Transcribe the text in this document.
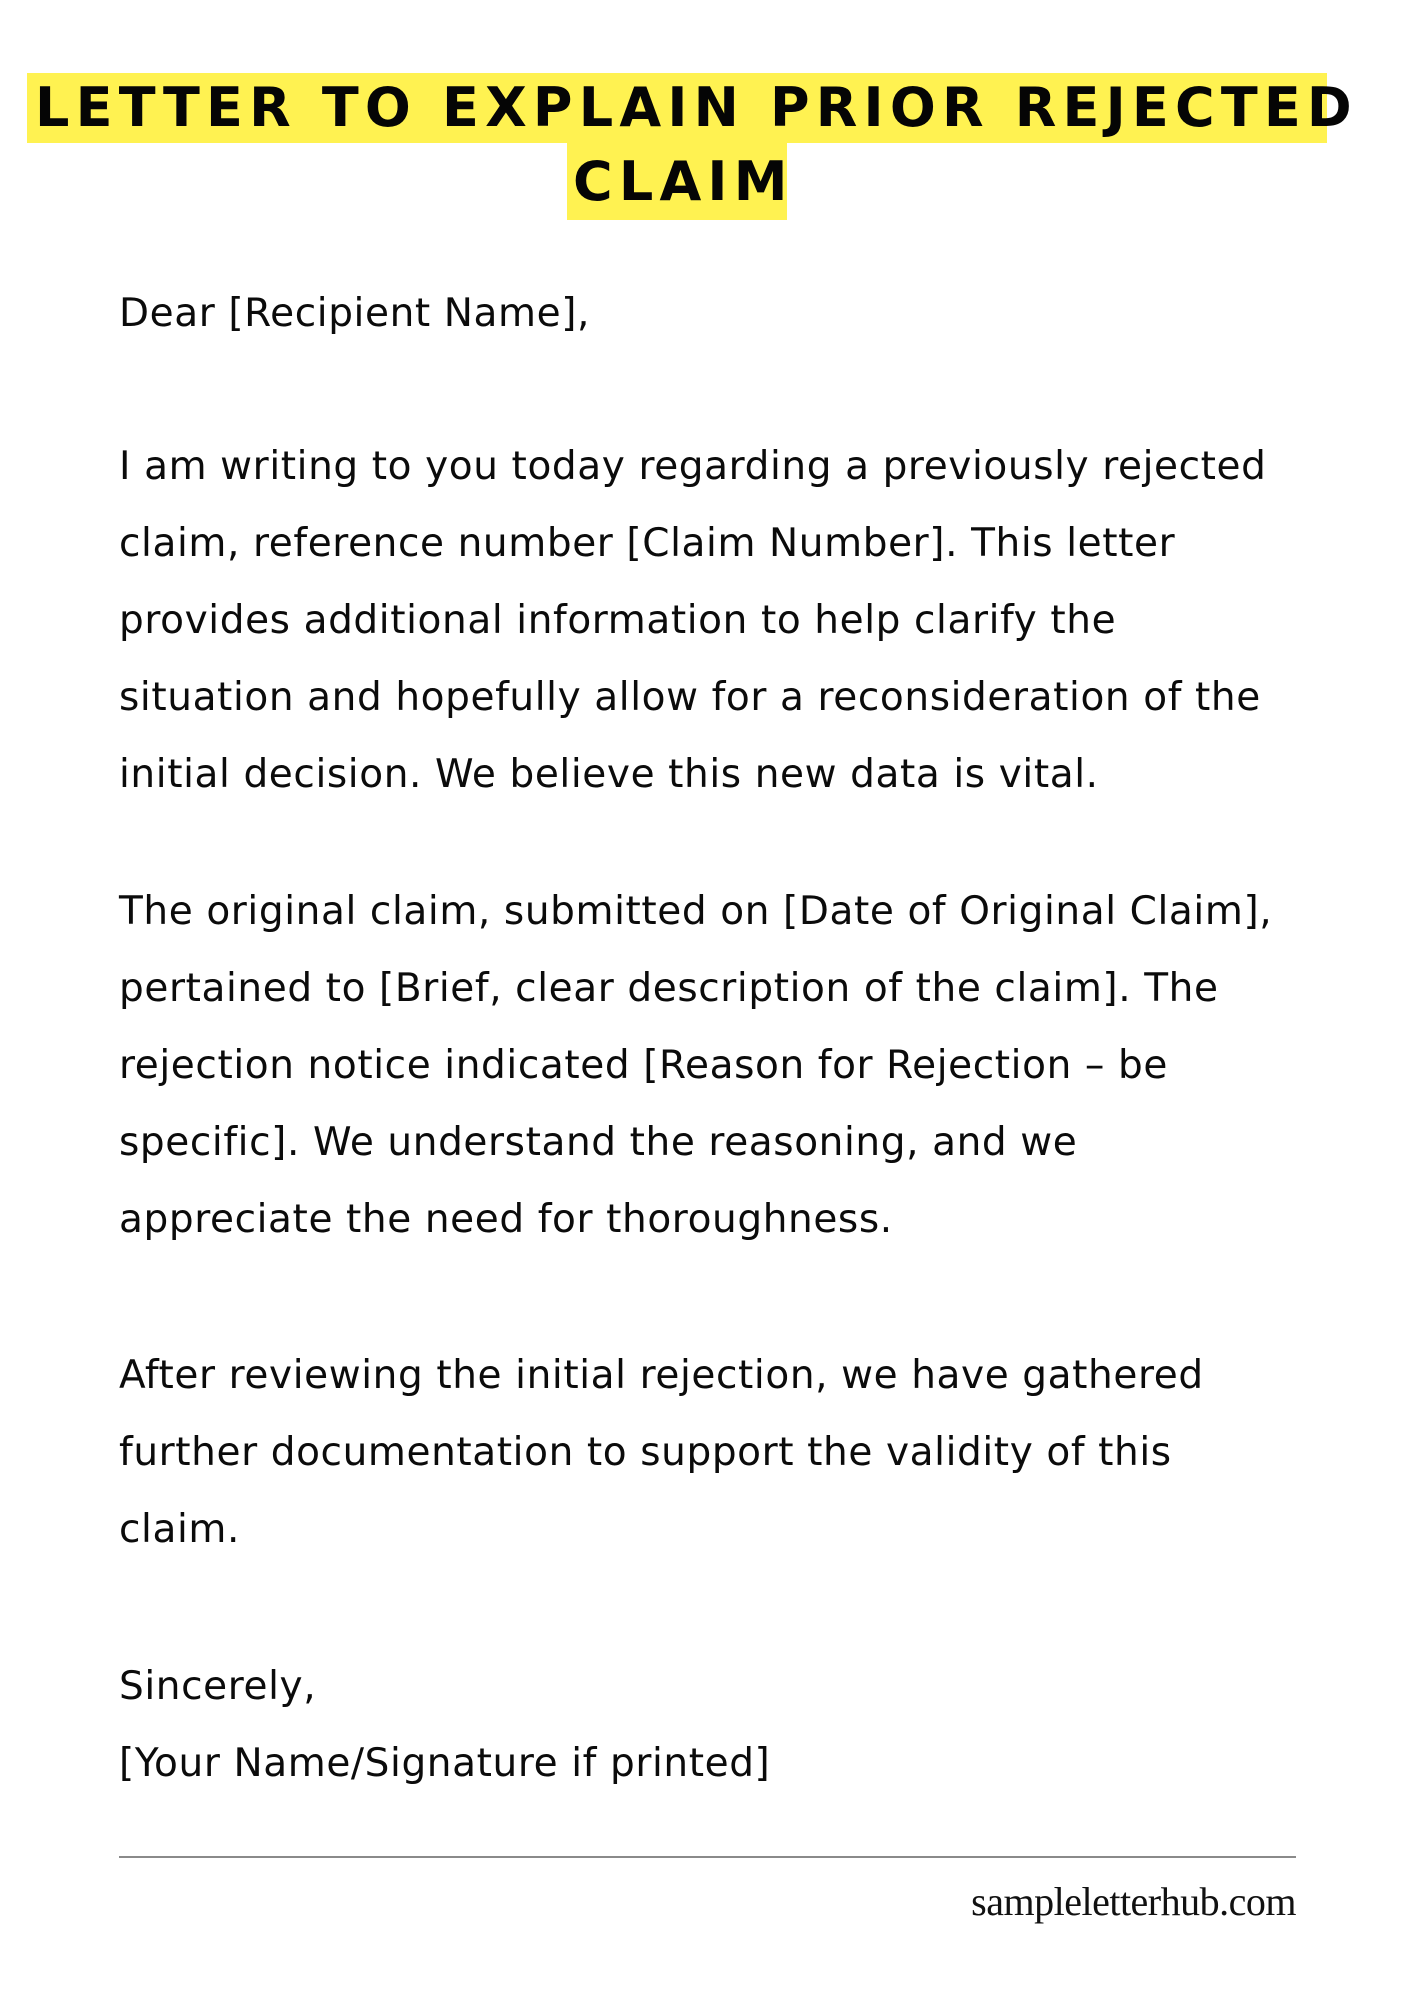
LETTER TO EXPLAIN PRIOR REJECTED
CLAIM
Dear [Recipient Name],
I am writing to you today regarding a previously rejected
claim, reference number [Claim Number]. This letter
provides additional information to help clarify the
situation and hopefully allow for a reconsideration of the
initial decision. We believe this new data is vital.
The original claim, submitted on [Date of Original Claim],
pertained to [Brief, clear description of the claim]. The
rejection notice indicated [Reason for Rejection – be
specific]. We understand the reasoning, and we
appreciate the need for thoroughness.
After reviewing the initial rejection, we have gathered
further documentation to support the validity of this
claim.
Sincerely,
[Your Name/Signature if printed]
sampleletterhub.com
